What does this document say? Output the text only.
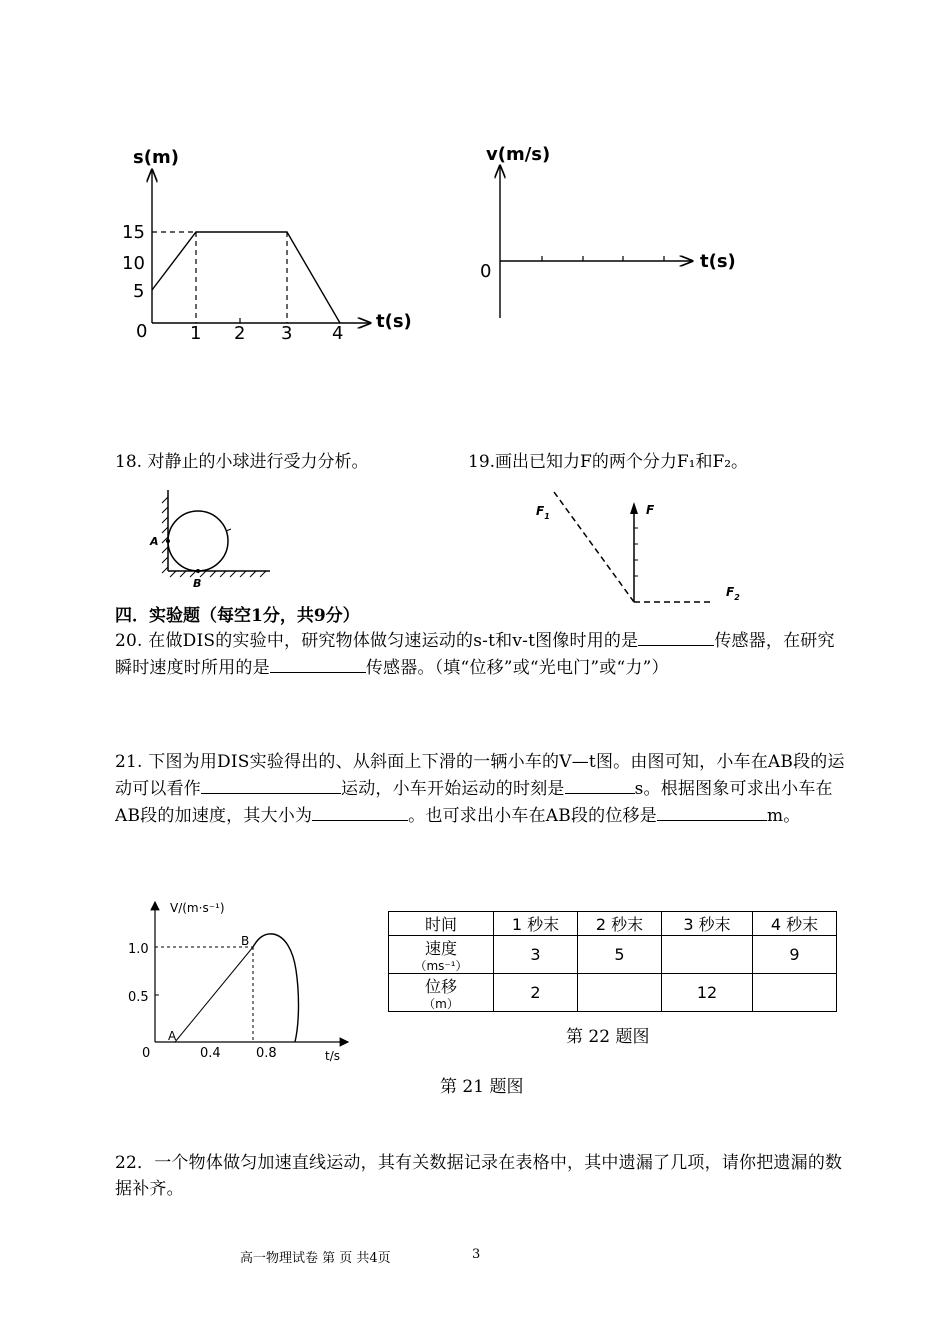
s(m)
t(s)
15
10
5
0 1 2 3 4
v(m/s)
t(s)
0
18. 对静止的小球进行受力分析。	19.画出已知力F的两个分力F₁和F₂。
A
B
F
$F_1$
$F_2$
四．实验题（每空1分，共9分）
20. 在做DIS的实验中，研究物体做匀速运动的s-t和v-t图像时用的是	传感器，在研究瞬时速度时所用的是	传感器。（填“位移”或“光电门”或“力”）
21. 下图为用DIS实验得出的、从斜面上下滑的一辆小车的V—t图。由图可知，小车在AB段的运动可以看作	运动，小车开始运动的时刻是	s。根据图象可求出小车在AB段的加速度，其大小为	。也可求出小车在AB段的位移是	m。
V/(m·s⁻¹)
1.0
0.5
0	0.4	0.8	t/s
A
B
第 21 题图
时间	1 秒末	2 秒末	3 秒末	4 秒末
速度
（ms⁻¹）	3	5		9
位移
（m）	2		12	
第 22 题图
22．一个物体做匀加速直线运动，其有关数据记录在表格中，其中遗漏了几项，请你把遗漏的数据补齐。
高一物理试卷 第 页 共4页	3
